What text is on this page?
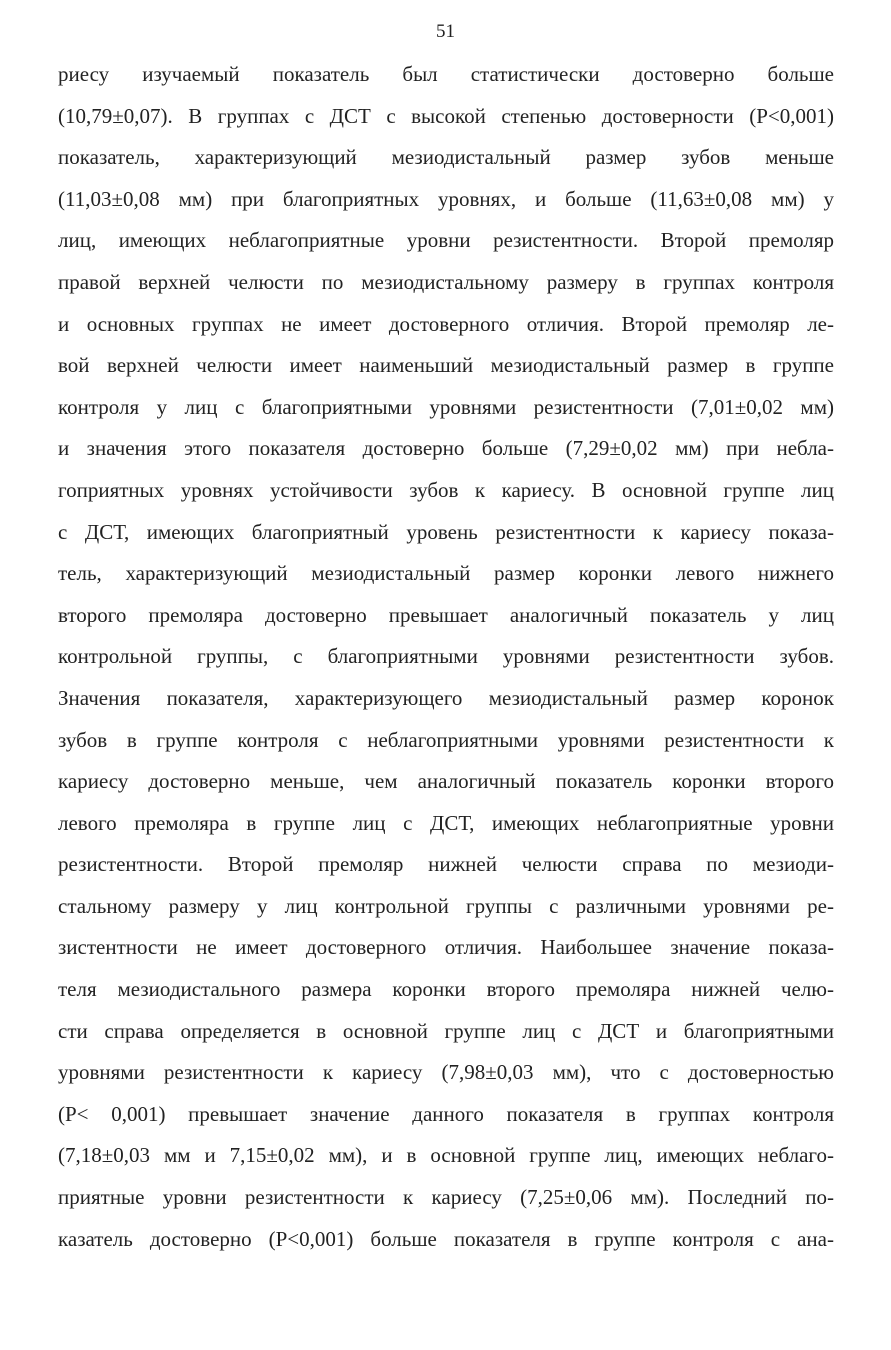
51
риесу изучаемый показатель был статистически достоверно больше
(10,79±0,07). В группах с ДСТ с высокой степенью достоверности (Р<0,001)
показатель, характеризующий мезиодистальный размер зубов меньше
(11,03±0,08 мм) при благоприятных уровнях, и больше (11,63±0,08 мм) у
лиц, имеющих неблагоприятные уровни резистентности. Второй премоляр
правой верхней челюсти по мезиодистальному размеру в группах контроля
и основных группах не имеет достоверного отличия. Второй премоляр ле-
вой верхней челюсти имеет наименьший мезиодистальный размер в группе
контроля у лиц с благоприятными уровнями резистентности (7,01±0,02 мм)
и значения этого показателя достоверно больше (7,29±0,02 мм) при небла-
гоприятных уровнях устойчивости зубов к кариесу. В основной группе лиц
с ДСТ, имеющих благоприятный уровень резистентности к кариесу показа-
тель, характеризующий мезиодистальный размер коронки левого нижнего
второго премоляра достоверно превышает аналогичный показатель у лиц
контрольной группы, с благоприятными уровнями резистентности зубов.
Значения показателя, характеризующего мезиодистальный размер коронок
зубов в группе контроля с неблагоприятными уровнями резистентности к
кариесу достоверно меньше, чем аналогичный показатель коронки второго
левого премоляра в группе лиц с ДСТ, имеющих неблагоприятные уровни
резистентности. Второй премоляр нижней челюсти справа по мезиоди-
стальному размеру у лиц контрольной группы с различными уровнями ре-
зистентности не имеет достоверного отличия. Наибольшее значение показа-
теля мезиодистального размера коронки второго премоляра нижней челю-
сти справа определяется в основной группе лиц с ДСТ и благоприятными
уровнями резистентности к кариесу (7,98±0,03 мм), что с достоверностью
(Р< 0,001) превышает значение данного показателя в группах контроля
(7,18±0,03 мм и 7,15±0,02 мм), и в основной группе лиц, имеющих неблаго-
приятные уровни резистентности к кариесу (7,25±0,06 мм). Последний по-
казатель достоверно (Р<0,001) больше показателя в группе контроля с ана-
